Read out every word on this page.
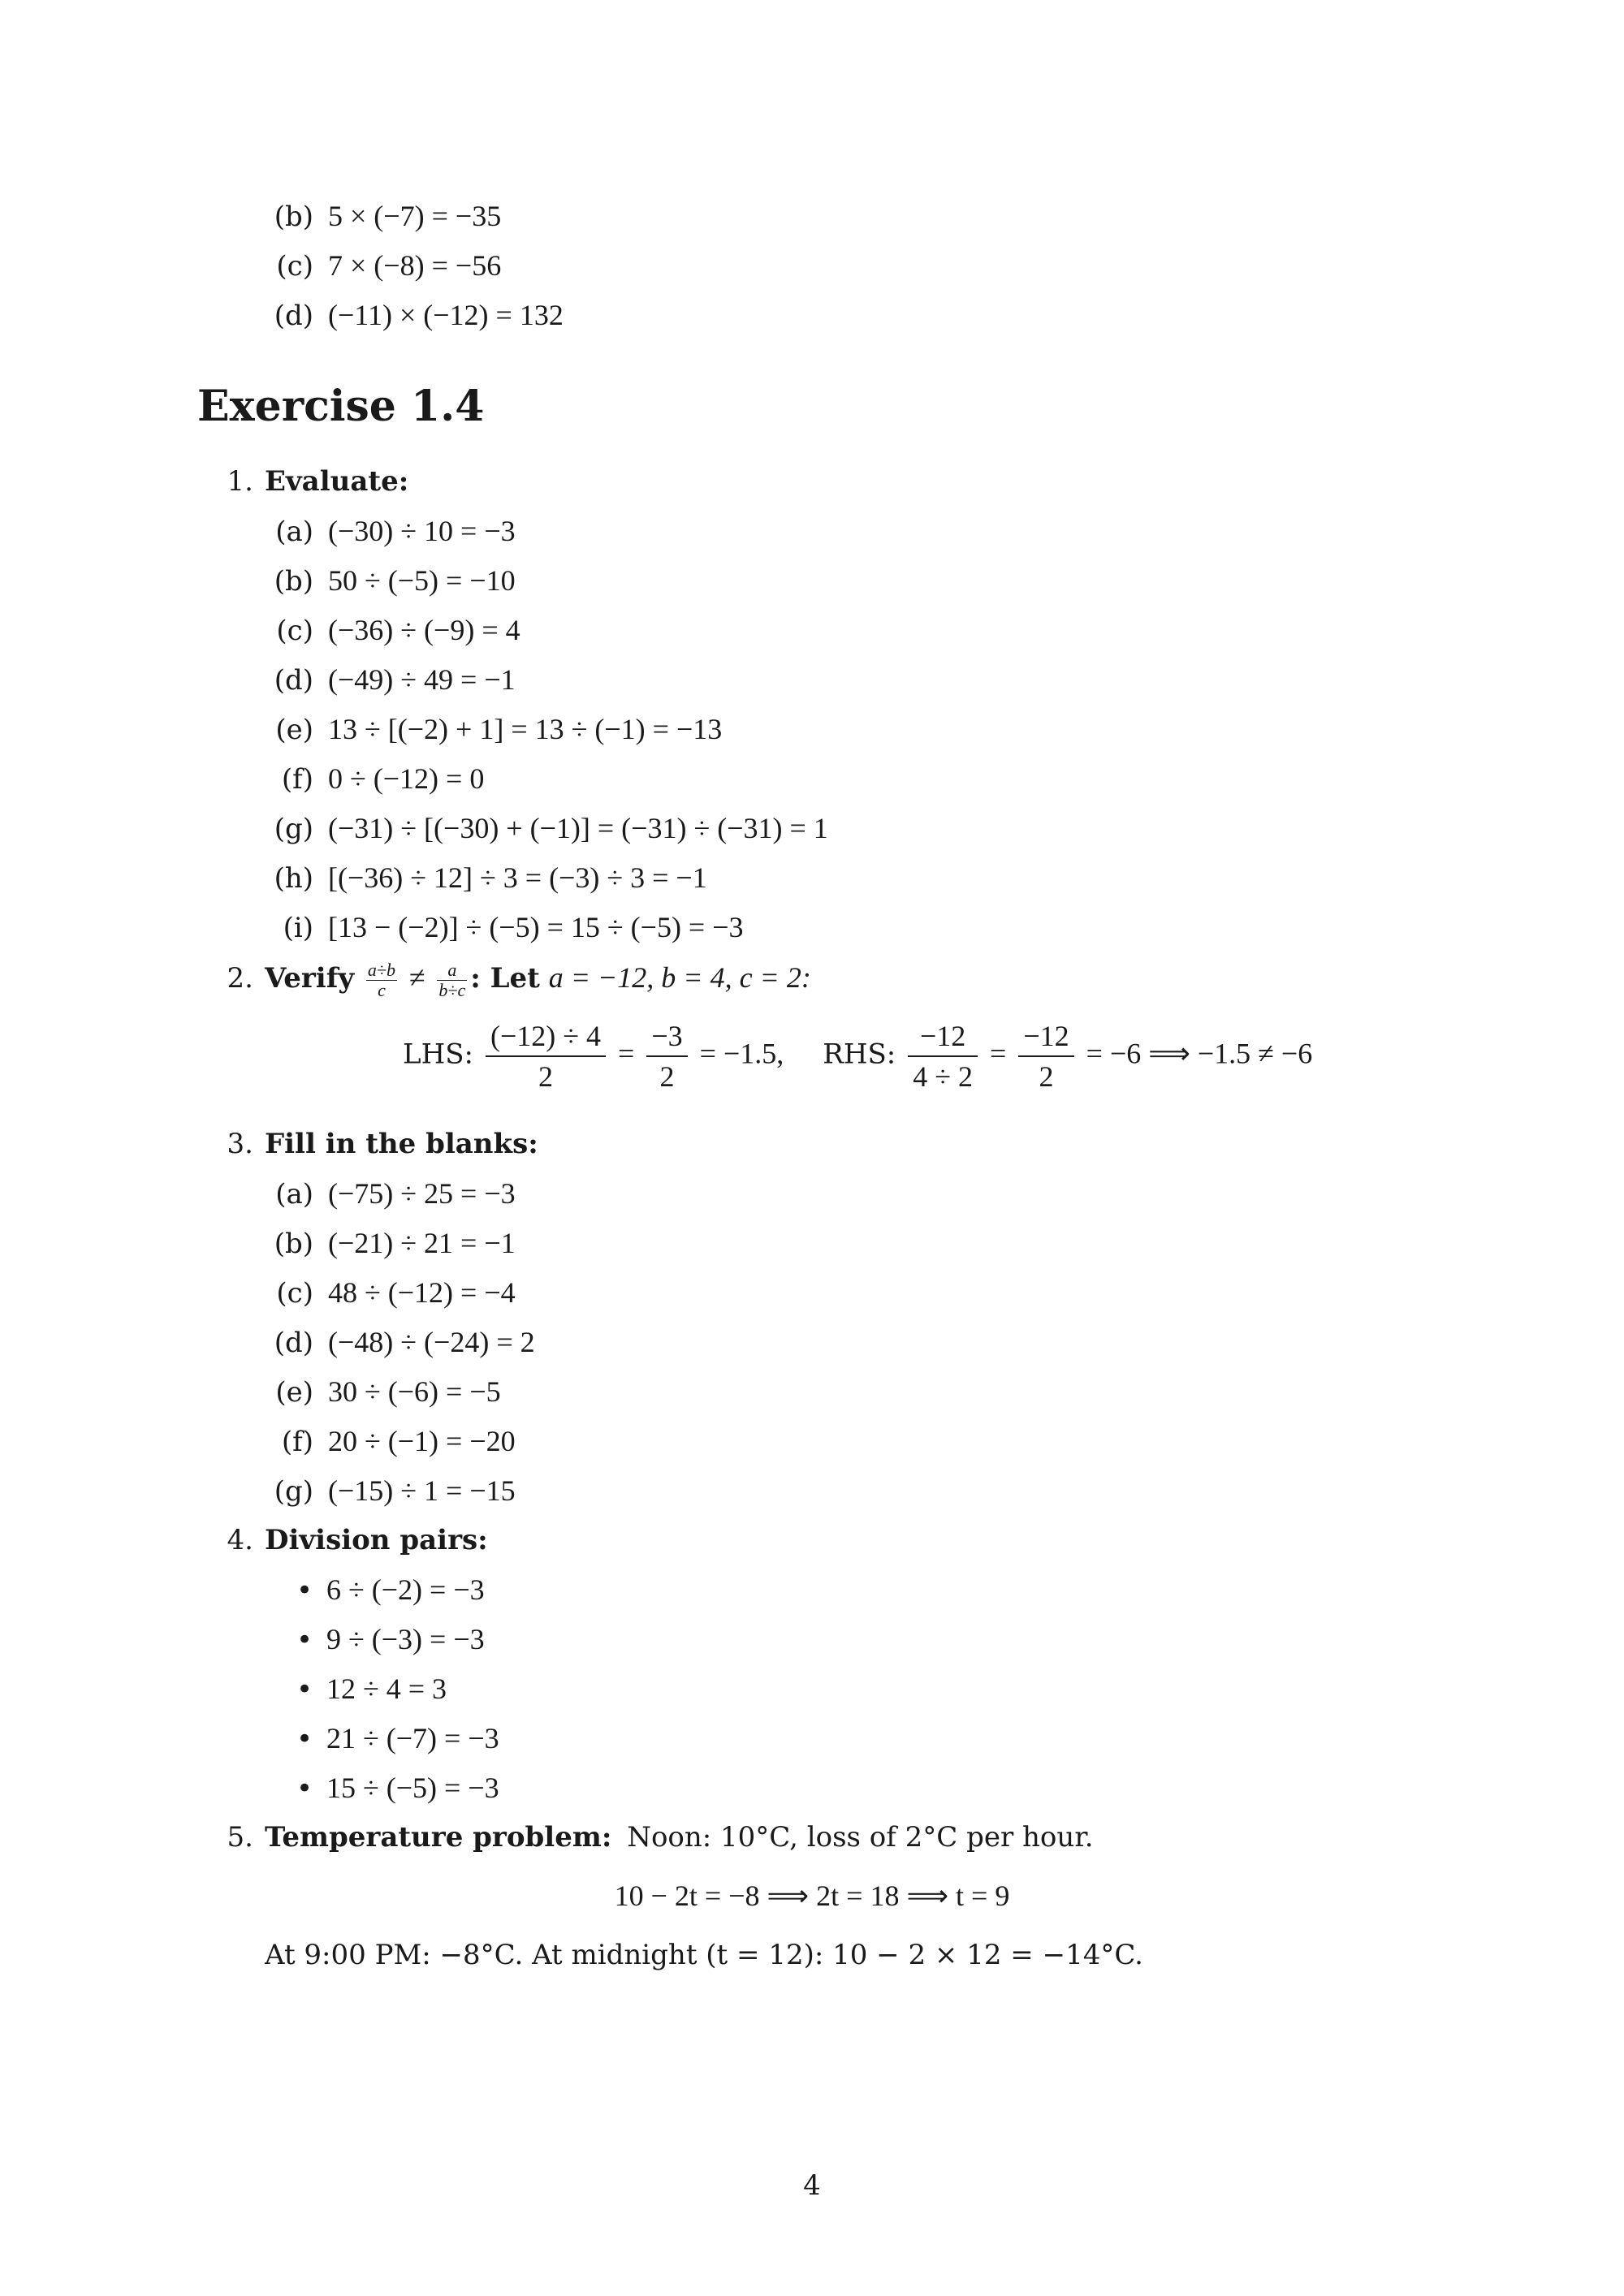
(b) 5 × (−7) = −35
(c) 7 × (−8) = −56
(d) (−11) × (−12) = 132
Exercise 1.4
1. Evaluate:
(a) (−30) ÷ 10 = −3
(b) 50 ÷ (−5) = −10
(c) (−36) ÷ (−9) = 4
(d) (−49) ÷ 49 = −1
(e) 13 ÷ [(−2) + 1] = 13 ÷ (−1) = −13
(f) 0 ÷ (−12) = 0
(g) (−31) ÷ [(−30) + (−1)] = (−31) ÷ (−31) = 1
(h) [(−36) ÷ 12] ÷ 3 = (−3) ÷ 3 = −1
(i) [13 − (−2)] ÷ (−5) = 15 ÷ (−5) = −3
2. Verify $\frac{a\div b}{c} \ne \frac{a}{b\div c}$ : Let a = −12, b = 4, c = 2:
LHS: $\frac{(-12) \div 4}{2} = \frac{-3}{2} = -1.5$, RHS: $\frac{-12}{4 \div 2} = \frac{-12}{2} = -6$ ⟹ −1.5 ≠ −6
3. Fill in the blanks:
(a) (−75) ÷ 25 = −3
(b) (−21) ÷ 21 = −1
(c) 48 ÷ (−12) = −4
(d) (−48) ÷ (−24) = 2
(e) 30 ÷ (−6) = −5
(f) 20 ÷ (−1) = −20
(g) (−15) ÷ 1 = −15
4. Division pairs:
• 6 ÷ (−2) = −3
• 9 ÷ (−3) = −3
• 12 ÷ 4 = 3
• 21 ÷ (−7) = −3
• 15 ÷ (−5) = −3
5. Temperature problem: Noon: 10°C, loss of 2°C per hour.
10 − 2t = −8 ⟹ 2t = 18 ⟹ t = 9
At 9:00 PM: −8°C. At midnight (t = 12): 10 − 2 × 12 = −14°C.
4
